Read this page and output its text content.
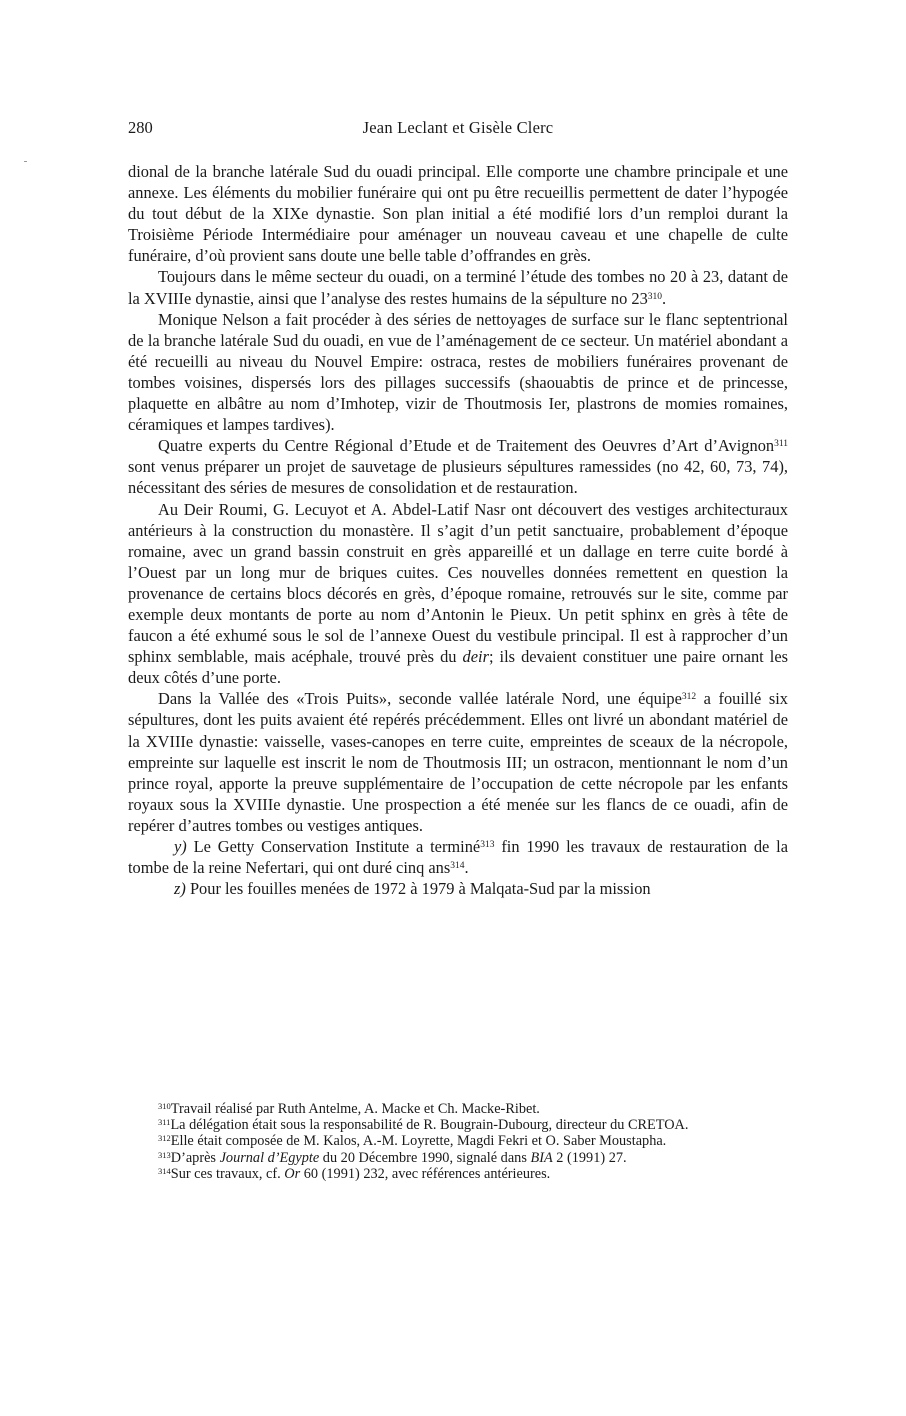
280	Jean Leclant et Gisèle Clerc

dional de la branche latérale Sud du ouadi principal. Elle comporte une chambre principale et une annexe. Les éléments du mobilier funéraire qui ont pu être recueillis permettent de dater l’hypogée du tout début de la XIXe dynastie. Son plan initial a été modifié lors d’un remploi durant la Troisième Période Intermédiaire pour aménager un nouveau caveau et une chapelle de culte funéraire, d’où provient sans doute une belle table d’offrandes en grès.

Toujours dans le même secteur du ouadi, on a terminé l’étude des tombes no 20 à 23, datant de la XVIIIe dynastie, ainsi que l’analyse des restes humains de la sépulture no $23^{310}$.

Monique Nelson a fait procéder à des séries de nettoyages de surface sur le flanc septentrional de la branche latérale Sud du ouadi, en vue de l’aménagement de ce secteur. Un matériel abondant a été recueilli au niveau du Nouvel Empire: ostraca, restes de mobiliers funéraires provenant de tombes voisines, dispersés lors des pillages successifs (shaouabtis de prince et de princesse, plaquette en albâtre au nom d’Imhotep, vizir de Thoutmosis Ier, plastrons de momies romaines, céramiques et lampes tardives).

Quatre experts du Centre Régional d’Etude et de Traitement des Oeuvres d’Art d’Avignon$^{311}$ sont venus préparer un projet de sauvetage de plusieurs sépultures ramessides (no 42, 60, 73, 74), nécessitant des séries de mesures de consolidation et de restauration.

Au Deir Roumi, G. Lecuyot et A. Abdel-Latif Nasr ont découvert des vestiges architecturaux antérieurs à la construction du monastère. Il s’agit d’un petit sanctuaire, probablement d’époque romaine, avec un grand bassin construit en grès appareillé et un dallage en terre cuite bordé à l’Ouest par un long mur de briques cuites. Ces nouvelles données remettent en question la provenance de certains blocs décorés en grès, d’époque romaine, retrouvés sur le site, comme par exemple deux montants de porte au nom d’Antonin le Pieux. Un petit sphinx en grès à tête de faucon a été exhumé sous le sol de l’annexe Ouest du vestibule principal. Il est à rapprocher d’un sphinx semblable, mais acéphale, trouvé près du deir; ils devaient constituer une paire ornant les deux côtés d’une porte.

Dans la Vallée des «Trois Puits», seconde vallée latérale Nord, une équipe$^{312}$ a fouillé six sépultures, dont les puits avaient été repérés précédemment. Elles ont livré un abondant matériel de la XVIIIe dynastie: vaisselle, vases-canopes en terre cuite, empreintes de sceaux de la nécropole, empreinte sur laquelle est inscrit le nom de Thoutmosis III; un ostracon, mentionnant le nom d’un prince royal, apporte la preuve supplémentaire de l’occupation de cette nécropole par les enfants royaux sous la XVIIIe dynastie. Une prospection a été menée sur les flancs de ce ouadi, afin de repérer d’autres tombes ou vestiges antiques.

y) Le Getty Conservation Institute a terminé$^{313}$ fin 1990 les travaux de restauration de la tombe de la reine Nefertari, qui ont duré cinq ans$^{314}$.

z) Pour les fouilles menées de 1972 à 1979 à Malqata-Sud par la mission

$^{310}$Travail réalisé par Ruth Antelme, A. Macke et Ch. Macke-Ribet.

$^{311}$La délégation était sous la responsabilité de R. Bougrain-Dubourg, directeur du CRETOA.

$^{312}$Elle était composée de M. Kalos, A.-M. Loyrette, Magdi Fekri et O. Saber Moustapha.

$^{313}$D’après Journal d’Egypte du 20 Décembre 1990, signalé dans BIA 2 (1991) 27.

$^{314}$Sur ces travaux, cf. Or 60 (1991) 232, avec références antérieures.
